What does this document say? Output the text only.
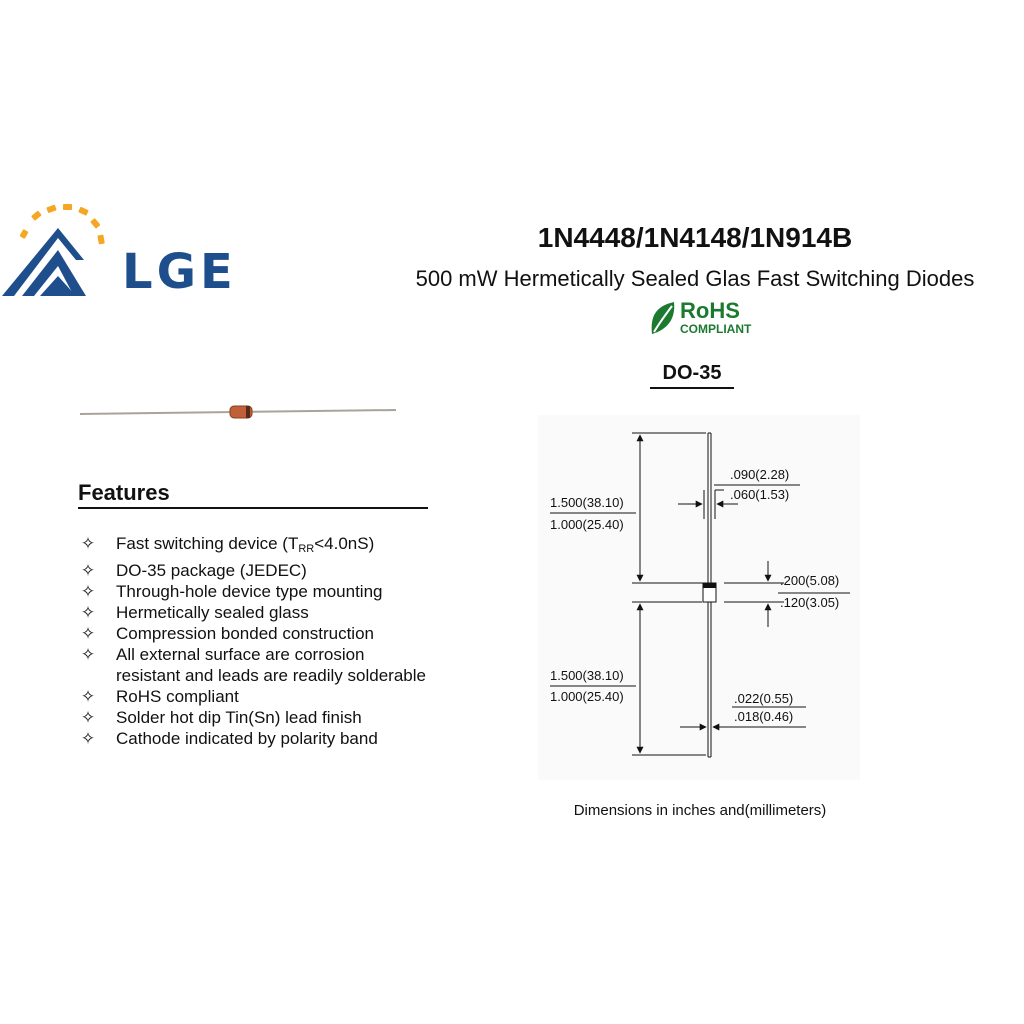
LGE
1N4448/1N4148/1N914B
500 mW Hermetically Sealed Glas Fast Switching Diodes
RoHS
COMPLIANT
DO-35
Features
✧ Fast switching device $(T_{RR}<4.0nS)$
✧ DO-35 package (JEDEC)
✧ Through-hole device type mounting
✧ Hermetically sealed glass
✧ Compression bonded construction
✧ All external surface are corrosion
resistant and leads are readily solderable
✧ RoHS compliant
✧ Solder hot dip Tin(Sn) lead finish
✧ Cathode indicated by polarity band
1.500(38.10)
1.000(25.40)
.090(2.28)
.060(1.53)
.200(5.08)
.120(3.05)
1.500(38.10)
1.000(25.40)	.022(0.55)
.018(0.46)
Dimensions in inches and(millimeters)
